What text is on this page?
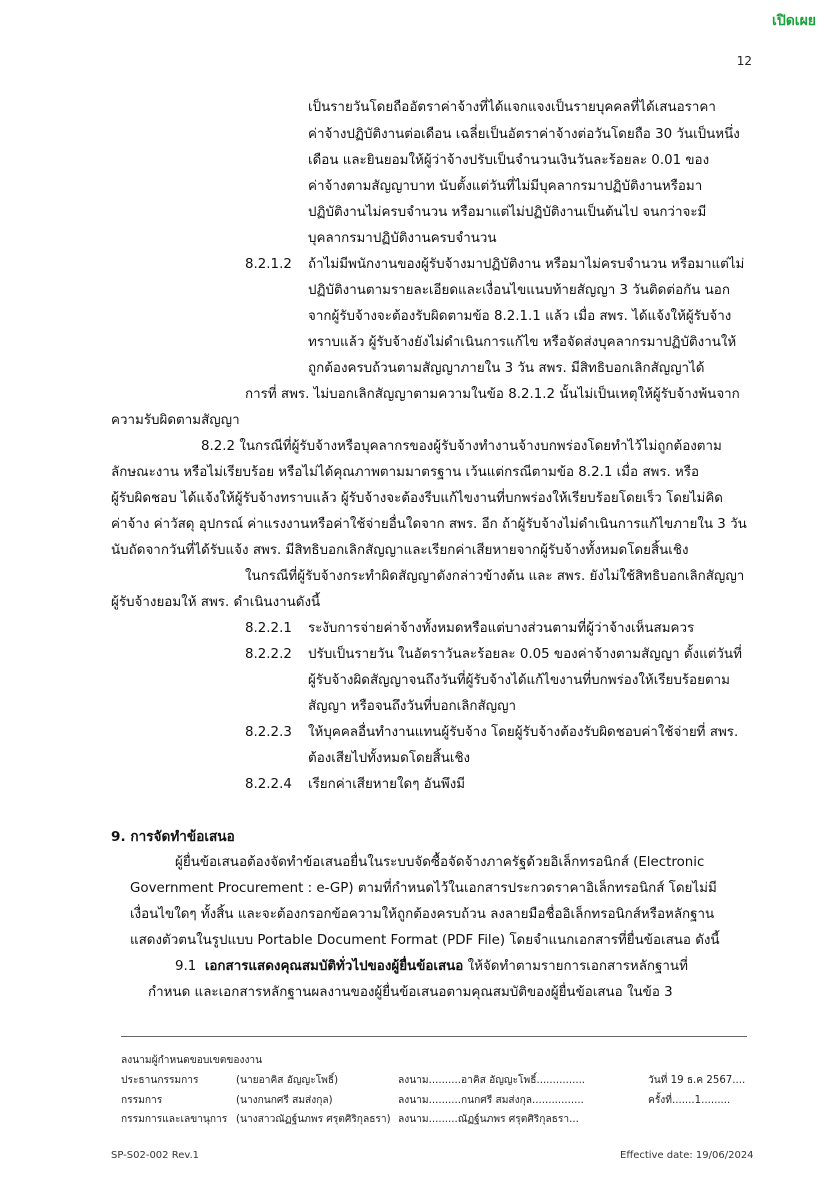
เปิดเผย
12
เป็นรายวันโดยถืออัตราค่าจ้างที่ได้แจกแจงเป็นรายบุคคลที่ได้เสนอราคา
ค่าจ้างปฏิบัติงานต่อเดือน เฉลี่ยเป็นอัตราค่าจ้างต่อวันโดยถือ 30 วันเป็นหนึ่ง
เดือน และยินยอมให้ผู้ว่าจ้างปรับเป็นจำนวนเงินวันละร้อยละ 0.01 ของ
ค่าจ้างตามสัญญาบาท นับตั้งแต่วันที่ไม่มีบุคลากรมาปฏิบัติงานหรือมา
ปฏิบัติงานไม่ครบจำนวน หรือมาแต่ไม่ปฏิบัติงานเป็นต้นไป จนกว่าจะมี
บุคลากรมาปฏิบัติงานครบจำนวน
8.2.1.2 ถ้าไม่มีพนักงานของผู้รับจ้างมาปฏิบัติงาน หรือมาไม่ครบจำนวน หรือมาแต่ไม่
ปฏิบัติงานตามรายละเอียดและเงื่อนไขแนบท้ายสัญญา 3 วันติดต่อกัน นอก
จากผู้รับจ้างจะต้องรับผิดตามข้อ 8.2.1.1 แล้ว เมื่อ สพร. ได้แจ้งให้ผู้รับจ้าง
ทราบแล้ว ผู้รับจ้างยังไม่ดำเนินการแก้ไข หรือจัดส่งบุคลากรมาปฏิบัติงานให้
ถูกต้องครบถ้วนตามสัญญาภายใน 3 วัน สพร. มีสิทธิบอกเลิกสัญญาได้
การที่ สพร. ไม่บอกเลิกสัญญาตามความในข้อ 8.2.1.2 นั้นไม่เป็นเหตุให้ผู้รับจ้างพ้นจาก
ความรับผิดตามสัญญา
8.2.2 ในกรณีที่ผู้รับจ้างหรือบุคลากรของผู้รับจ้างทำงานจ้างบกพร่องโดยทำไว้ไม่ถูกต้องตาม
ลักษณะงาน หรือไม่เรียบร้อย หรือไม่ได้คุณภาพตามมาตรฐาน เว้นแต่กรณีตามข้อ 8.2.1 เมื่อ สพร. หรือ
ผู้รับผิดชอบ ได้แจ้งให้ผู้รับจ้างทราบแล้ว ผู้รับจ้างจะต้องรีบแก้ไขงานที่บกพร่องให้เรียบร้อยโดยเร็ว โดยไม่คิด
ค่าจ้าง ค่าวัสดุ อุปกรณ์ ค่าแรงงานหรือค่าใช้จ่ายอื่นใดจาก สพร. อีก ถ้าผู้รับจ้างไม่ดำเนินการแก้ไขภายใน 3 วัน
นับถัดจากวันที่ได้รับแจ้ง สพร. มีสิทธิบอกเลิกสัญญาและเรียกค่าเสียหายจากผู้รับจ้างทั้งหมดโดยสิ้นเชิง
ในกรณีที่ผู้รับจ้างกระทำผิดสัญญาดังกล่าวข้างต้น และ สพร. ยังไม่ใช้สิทธิบอกเลิกสัญญา
ผู้รับจ้างยอมให้ สพร. ดำเนินงานดังนี้
8.2.2.1 ระงับการจ่ายค่าจ้างทั้งหมดหรือแต่บางส่วนตามที่ผู้ว่าจ้างเห็นสมควร
8.2.2.2 ปรับเป็นรายวัน ในอัตราวันละร้อยละ 0.05 ของค่าจ้างตามสัญญา ตั้งแต่วันที่
ผู้รับจ้างผิดสัญญาจนถึงวันที่ผู้รับจ้างได้แก้ไขงานที่บกพร่องให้เรียบร้อยตาม
สัญญา หรือจนถึงวันที่บอกเลิกสัญญา
8.2.2.3 ให้บุคคลอื่นทำงานแทนผู้รับจ้าง โดยผู้รับจ้างต้องรับผิดชอบค่าใช้จ่ายที่ สพร.
ต้องเสียไปทั้งหมดโดยสิ้นเชิง
8.2.2.4 เรียกค่าเสียหายใดๆ อันพึงมี
9. การจัดทำข้อเสนอ
ผู้ยื่นข้อเสนอต้องจัดทำข้อเสนอยื่นในระบบจัดซื้อจัดจ้างภาครัฐด้วยอิเล็กทรอนิกส์ (Electronic
Government Procurement : e-GP) ตามที่กำหนดไว้ในเอกสารประกวดราคาอิเล็กทรอนิกส์ โดยไม่มี
เงื่อนไขใดๆ ทั้งสิ้น และจะต้องกรอกข้อความให้ถูกต้องครบถ้วน ลงลายมือชื่ออิเล็กทรอนิกส์หรือหลักฐาน
แสดงตัวตนในรูปแบบ Portable Document Format (PDF File) โดยจำแนกเอกสารที่ยื่นข้อเสนอ ดังนี้
9.1 เอกสารแสดงคุณสมบัติทั่วไปของผู้ยื่นข้อเสนอ ให้จัดทำตามรายการเอกสารหลักฐานที่
กำหนด และเอกสารหลักฐานผลงานของผู้ยื่นข้อเสนอตามคุณสมบัติของผู้ยื่นข้อเสนอ ในข้อ 3
ลงนามผู้กำหนดขอบเขตของงาน
ประธานกรรมการ	(นายอาคิส อัญญะโพธิ์)	ลงนาม..........อาคิส อัญญะโพธิ์...............	วันที่ 19 ธ.ค 2567....
กรรมการ	(นางกนกศรี สมส่งกุล)	ลงนาม..........กนกศรี สมส่งกุล................	ครั้งที่.......1.........
กรรมการและเลขานุการ (นางสาวณัฏฐ์นภพร ศรุตศิริกุลธรา) ลงนาม.........ณัฏฐ์นภพร ศรุตศิริกุลธรา...
SP-S02-002 Rev.1	Effective date: 19/06/2024
